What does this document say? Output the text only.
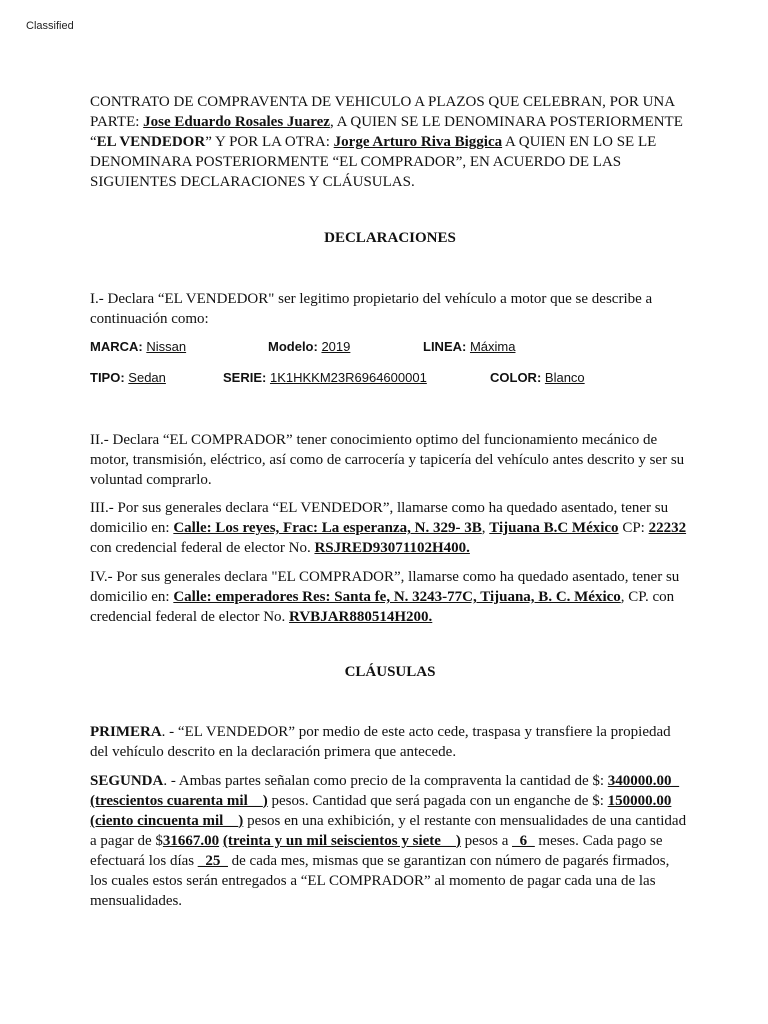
Classified

CONTRATO DE COMPRAVENTA DE VEHICULO A PLAZOS QUE CELEBRAN, POR UNA PARTE: Jose Eduardo Rosales Juarez, A QUIEN SE LE DENOMINARA POSTERIORMENTE “EL VENDEDOR” Y POR LA OTRA: Jorge Arturo Riva Biggica A QUIEN EN LO SE LE DENOMINARA POSTERIORMENTE “EL COMPRADOR”, EN ACUERDO DE LAS SIGUIENTES DECLARACIONES Y CLÁUSULAS.

DECLARACIONES

I.- Declara “EL VENDEDOR" ser legitimo propietario del vehículo a motor que se describe a continuación como:

MARCA: Nissan	Modelo: 2019	LINEA: Máxima
TIPO: Sedan	SERIE: 1K1HKKM23R6964600001	COLOR: Blanco

II.- Declara “EL COMPRADOR” tener conocimiento optimo del funcionamiento mecánico de motor, transmisión, eléctrico, así como de carrocería y tapicería del vehículo antes descrito y ser su voluntad comprarlo.

III.- Por sus generales declara “EL VENDEDOR”, llamarse como ha quedado asentado, tener su domicilio en: Calle: Los reyes, Frac: La esperanza, N. 329- 3B, Tijuana B.C México CP: 22232 con credencial federal de elector No. RSJRED93071102H400.

IV.- Por sus generales declara "EL COMPRADOR”, llamarse como ha quedado asentado, tener su domicilio en: Calle: emperadores Res: Santa fe, N. 3243-77C, Tijuana, B. C. México, CP. con credencial federal de elector No. RVBJAR880514H200.

CLÁUSULAS

PRIMERA. - “EL VENDEDOR” por medio de este acto cede, traspasa y transfiere la propiedad del vehículo descrito en la declaración primera que antecede.

SEGUNDA. - Ambas partes señalan como precio de la compraventa la cantidad de $: 340000.00_ (trescientos cuarenta mil__) pesos. Cantidad que será pagada con un enganche de $: 150000.00 (ciento cincuenta mil__) pesos en una exhibición, y el restante con mensualidades de una cantidad a pagar de $31667.00 (treinta y un mil seiscientos y siete__) pesos a _6_ meses. Cada pago se efectuará los días _25_ de cada mes, mismas que se garantizan con número de pagarés firmados, los cuales estos serán entregados a “EL COMPRADOR” al momento de pagar cada una de las mensualidades.
